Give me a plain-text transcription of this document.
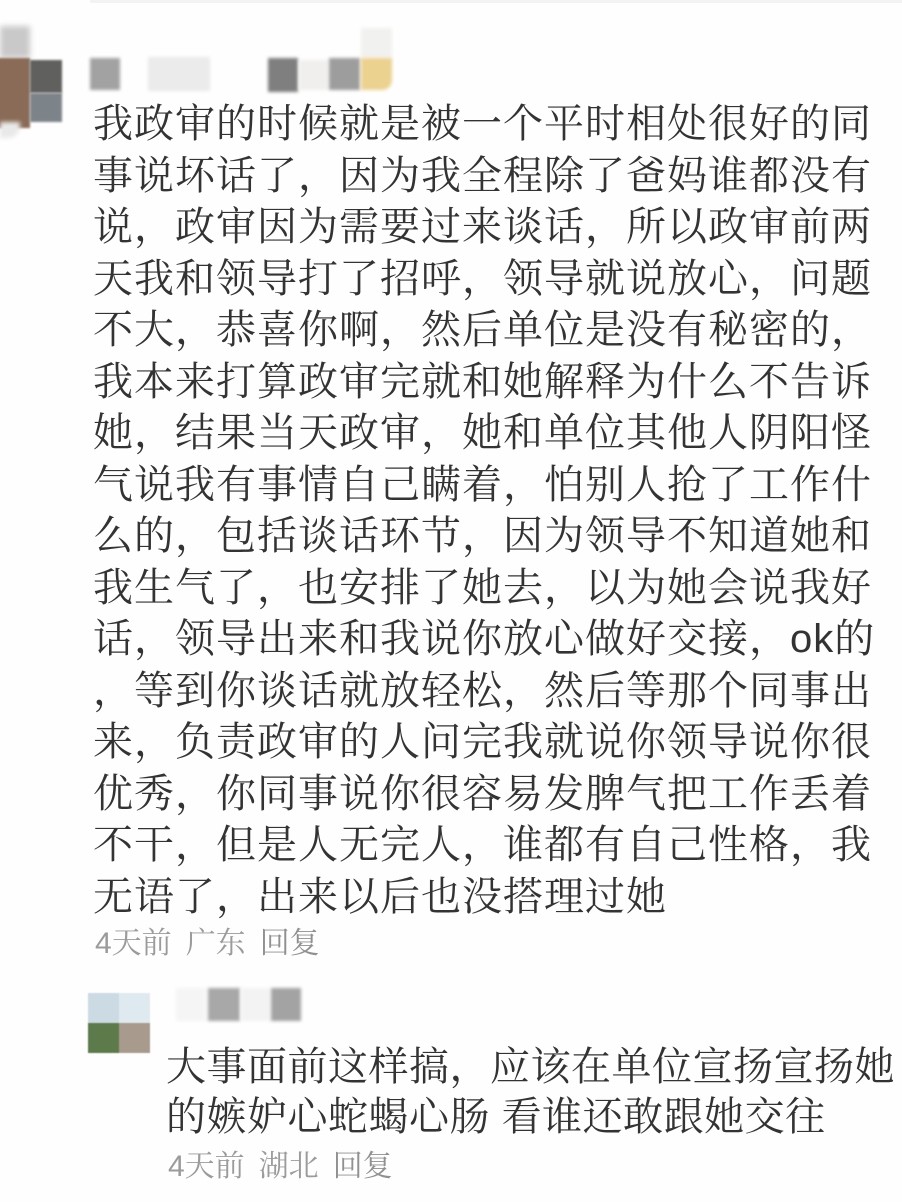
我政审的时候就是被一个平时相处很好的同事说坏话了，因为我全程除了爸妈谁都没有说，政审因为需要过来谈话，所以政审前两天我和领导打了招呼，领导就说放心，问题不大，恭喜你啊，然后单位是没有秘密的，我本来打算政审完就和她解释为什么不告诉她，结果当天政审，她和单位其他人阴阳怪气说我有事情自己瞒着，怕别人抢了工作什么的，包括谈话环节，因为领导不知道她和我生气了，也安排了她去，以为她会说我好话，领导出来和我说你放心做好交接，ok的，等到你谈话就放轻松，然后等那个同事出来，负责政审的人问完我就说你领导说你很优秀，你同事说你很容易发脾气把工作丢着不干，但是人无完人，谁都有自己性格，我无语了，出来以后也没搭理过她
4天前 广东 回复
大事面前这样搞，应该在单位宣扬宣扬她的嫉妒心蛇蝎心肠 看谁还敢跟她交往
4天前 湖北 回复
